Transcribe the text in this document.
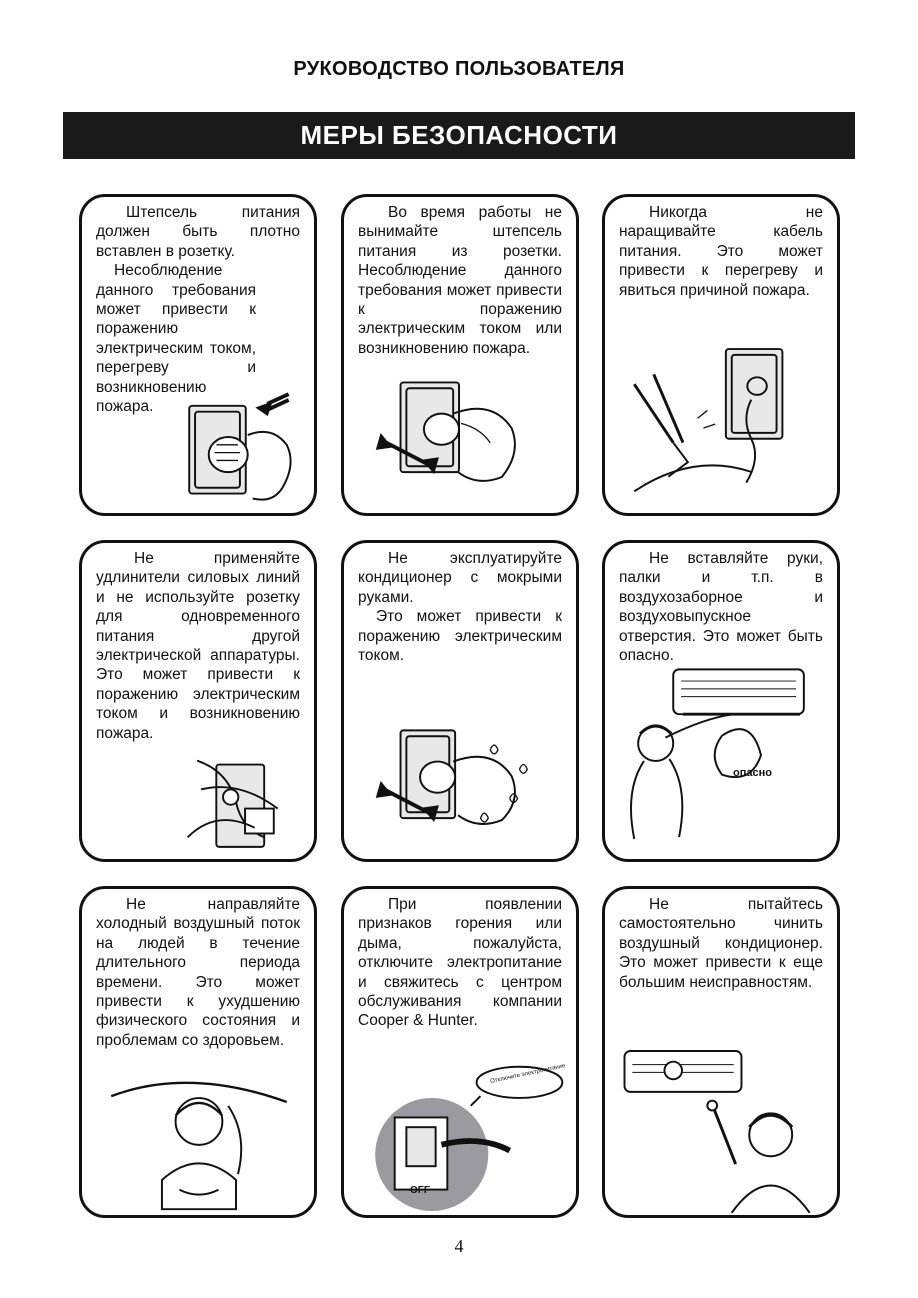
РУКОВОДСТВО ПОЛЬЗОВАТЕЛЯ
МЕРЫ БЕЗОПАСНОСТИ

Штепсель питания должен быть плотно вставлен в розетку.

Несоблюдение данного требования может привести к поражению электрическим током, перегреву и возникновению пожара.

Во время работы не вынимайте штепсель питания из розетки. Несоблюдение данного требования может привести к поражению электрическим током или возникновению пожара.

Никогда не наращивайте кабель питания. Это может привести к перегреву и явиться причиной пожара.

Не применяйте удлинители силовых линий и не используйте розетку для одновременного питания другой электрической аппаратуры. Это может привести к поражению электрическим током и возникновению пожара.

Не эксплуатируйте кондиционер с мокрыми руками.

Это может привести к поражению электрическим током.

Не вставляйте руки, палки и т.п. в воздухозаборное и воздуховыпускное отверстия. Это может быть опасно.

опасно

Не направляйте холодный воздушный поток на людей в течение длительного периода времени. Это может привести к ухудшению физического состояния и проблемам со здоровьем.

При появлении признаков горения или дыма, пожалуйста, отключите электропитание и свяжитесь с центром обслуживания компании Cooper & Hunter.

OFF
Отключите электропитание

Не пытайтесь самостоятельно чинить воздушный кондиционер. Это может привести к еще большим неисправностям.

4
